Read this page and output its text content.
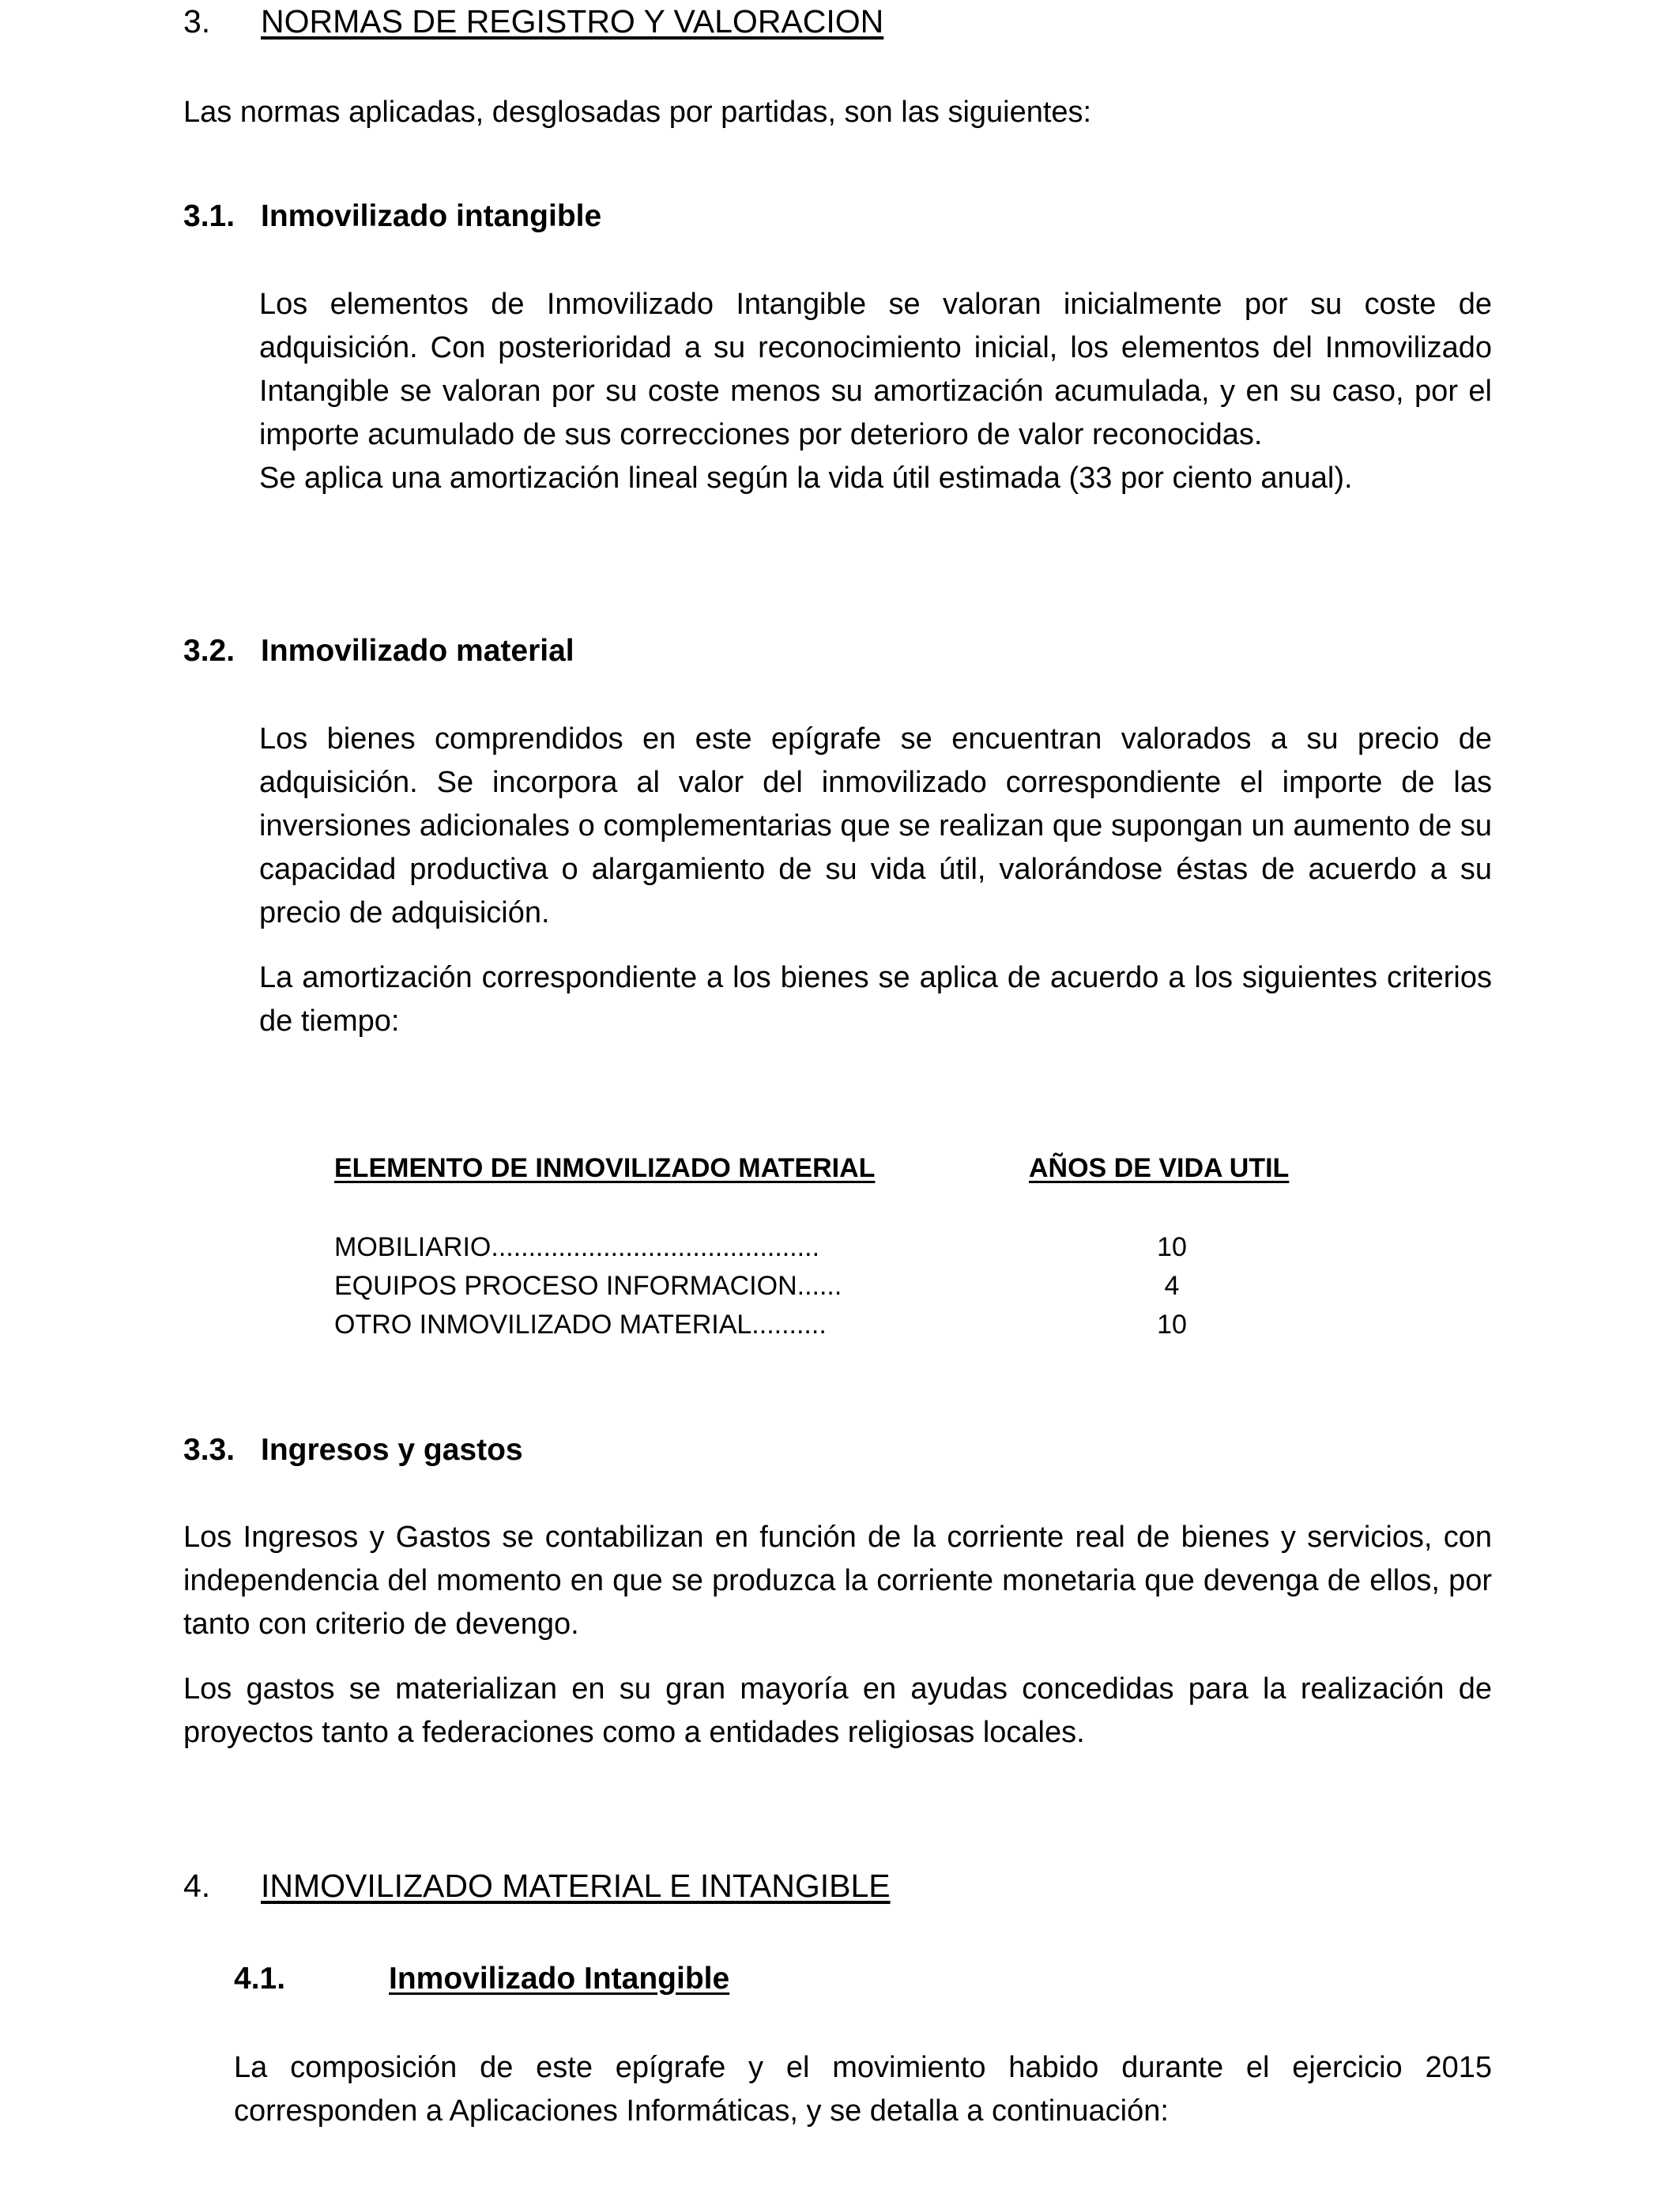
3. NORMAS DE REGISTRO Y VALORACION
Las normas aplicadas, desglosadas por partidas, son las siguientes:
3.1. Inmovilizado intangible

Los elementos de Inmovilizado Intangible se valoran inicialmente por su coste de adquisición. Con posterioridad a su reconocimiento inicial, los elementos del Inmovilizado Intangible se valoran por su coste menos su amortización acumulada, y en su caso, por el importe acumulado de sus correcciones por deterioro de valor reconocidas.

Se aplica una amortización lineal según la vida útil estimada (33 por ciento anual).

3.2. Inmovilizado material

Los bienes comprendidos en este epígrafe se encuentran valorados a su precio de adquisición. Se incorpora al valor del inmovilizado correspondiente el importe de las inversiones adicionales o complementarias que se realizan que supongan un aumento de su capacidad productiva o alargamiento de su vida útil, valorándose éstas de acuerdo a su precio de adquisición.

La amortización correspondiente a los bienes se aplica de acuerdo a los siguientes criterios de tiempo:

ELEMENTO DE INMOVILIZADO MATERIAL	AÑOS DE VIDA UTIL
MOBILIARIO............................................	10
EQUIPOS PROCESO INFORMACION......	4
OTRO INMOVILIZADO MATERIAL..........	10
3.3. Ingresos y gastos

Los Ingresos y Gastos se contabilizan en función de la corriente real de bienes y servicios, con independencia del momento en que se produzca la corriente monetaria que devenga de ellos, por tanto con criterio de devengo.

Los gastos se materializan en su gran mayoría en ayudas concedidas para la realización de proyectos tanto a federaciones como a entidades religiosas locales.

4. INMOVILIZADO MATERIAL E INTANGIBLE
4.1.	Inmovilizado Intangible

La composición de este epígrafe y el movimiento habido durante el ejercicio 2015 corresponden a Aplicaciones Informáticas, y se detalla a continuación:
